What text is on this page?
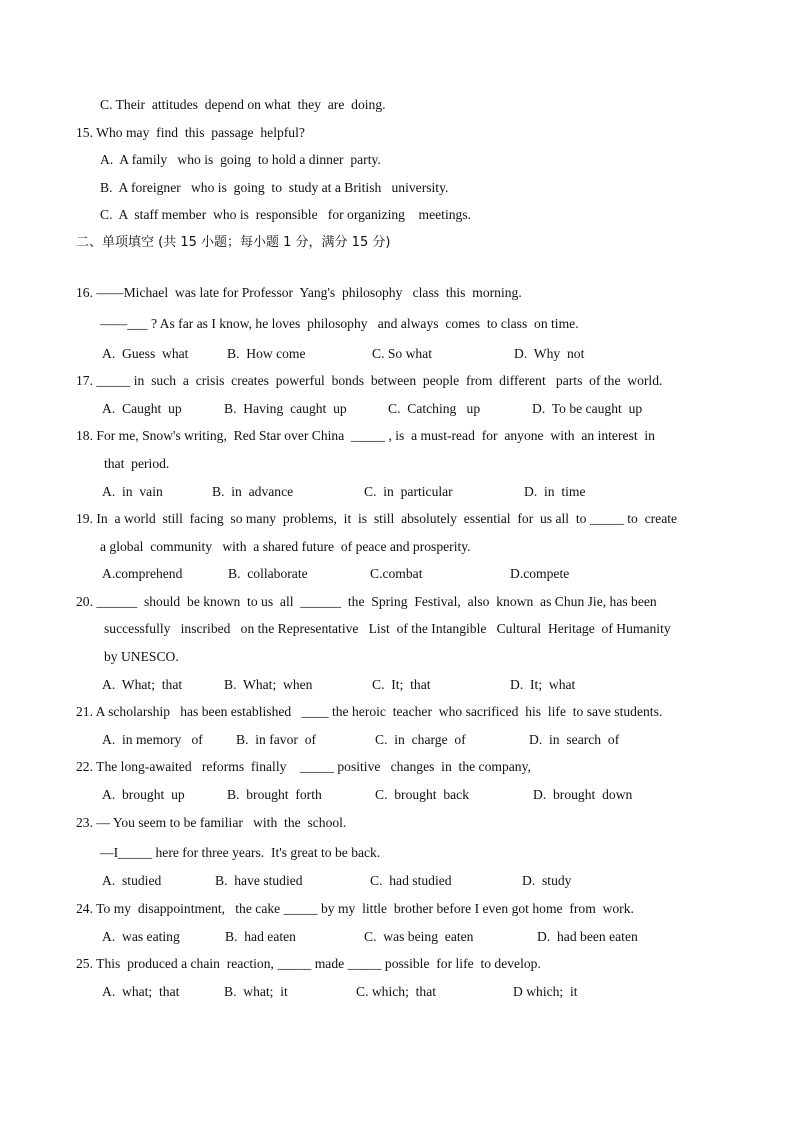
C. Their  attitudes  depend on what  they  are  doing.
15. Who may  find  this  passage  helpful?
A.  A family   who is  going  to hold a dinner  party.
B.  A foreigner   who is  going  to  study at a British   university.
C.  A  staff member  who is  responsible   for organizing    meetings.
二、单项填空 (共 15 小题；每小题 1 分，满分 15 分)
16. ——Michael  was late for Professor  Yang's  philosophy   class  this  morning.
——___ ? As far as I know, he loves  philosophy   and always  comes  to class  on time.
A.  Guess  what	B.  How come	C. So what	D.  Why  not
17. _____ in  such  a  crisis  creates  powerful  bonds  between  people  from  different   parts  of the  world.
A.  Caught  up	B.  Having  caught  up	C.  Catching   up	D.  To be caught  up
18. For me, Snow's writing,  Red Star over China  _____ , is  a must-read  for  anyone  with  an interest  in
that  period.
A.  in  vain	B.  in  advance	C.  in  particular	D.  in  time
19. In  a world  still  facing  so many  problems,  it  is  still  absolutely  essential  for  us all  to _____ to  create
a global  community   with  a shared future  of peace and prosperity.
A.comprehend	B.  collaborate	C.combat	D.compete
20. ______  should  be known  to us  all  ______  the  Spring  Festival,  also  known  as Chun Jie, has been
successfully   inscribed   on the Representative   List  of the Intangible   Cultural  Heritage  of Humanity
by UNESCO.
A.  What;  that	B.  What;  when	C.  It;  that	D.  It;  what
21. A scholarship   has been established   ____ the heroic  teacher  who sacrificed  his  life  to save students.
A.  in memory   of B.  in favor  of	C.  in  charge  of	D.  in  search  of
22. The long-awaited   reforms  finally    _____ positive   changes  in  the company,
A.  brought  up	B.  brought  forth	C.  brought  back	D.  brought  down
23. — You seem to be familiar   with  the  school.
—I_____ here for three years.  It's great to be back.
A.  studied	B.  have studied	C.  had studied	D.  study
24. To my  disappointment,   the cake _____ by my  little  brother before I even got home  from  work.
A.  was eating	B.  had eaten	C.  was being  eaten	D.  had been eaten
25. This  produced a chain  reaction, _____ made _____ possible  for life  to develop.
A.  what;  that	B.  what;  it	C. which;  that	D which;  it
